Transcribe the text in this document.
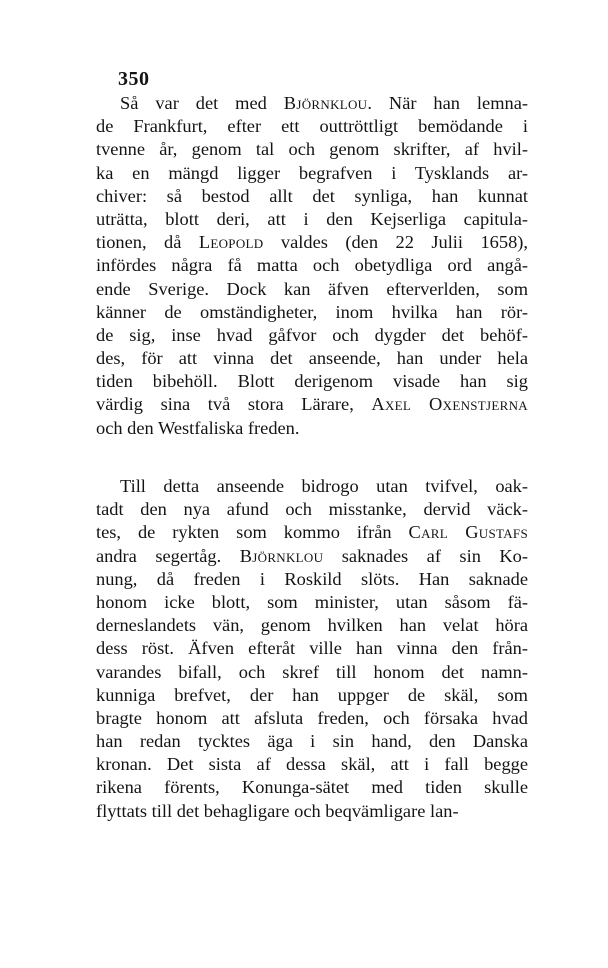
350

Så var det med Björnklou. När han lemna-
de Frankfurt, efter ett outtröttligt bemödande i
tvenne år, genom tal och genom skrifter, af hvil-
ka en mängd ligger begrafven i Tysklands ar-
chiver: så bestod allt det synliga, han kunnat
uträtta, blott deri, att i den Kejserliga capitula-
tionen, då Leopold valdes (den 22 Julii 1658),
infördes några få matta och obetydliga ord angå-
ende Sverige. Dock kan äfven efterverlden, som
känner de omständigheter, inom hvilka han rör-
de sig, inse hvad gåfvor och dygder det behöf-
des, för att vinna det anseende, han under hela
tiden bibehöll. Blott derigenom visade han sig
värdig sina två stora Lärare, Axel Oxenstjerna
och den Westfaliska freden.
Till detta anseende bidrogo utan tvifvel, oak-
tadt den nya afund och misstanke, dervid väck-
tes, de rykten som kommo ifrån Carl Gustafs
andra segertåg. Björnklou saknades af sin Ko-
nung, då freden i Roskild slöts. Han saknade
honom icke blott, som minister, utan såsom fä-
derneslandets vän, genom hvilken han velat höra
dess röst. Äfven efteråt ville han vinna den från-
varandes bifall, och skref till honom det namn-
kunniga brefvet, der han uppger de skäl, som
bragte honom att afsluta freden, och försaka hvad
han redan tycktes äga i sin hand, den Danska
kronan. Det sista af dessa skäl, att i fall begge
rikena förents, Konunga-sätet med tiden skulle
flyttats till det behagligare och beqvämligare lan-
